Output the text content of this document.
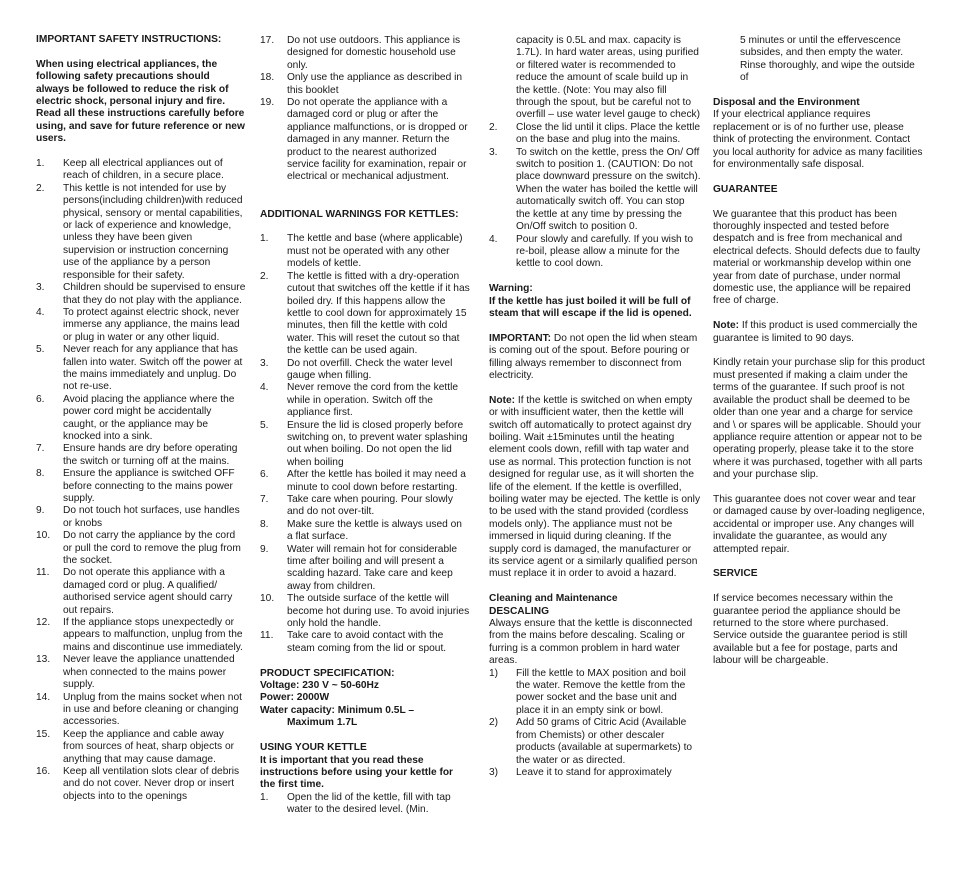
IMPORTANT SAFETY INSTRUCTIONS:

When using electrical appliances, the following safety precautions should always be followed to reduce the risk of electric shock, personal injury and fire. Read all these instructions carefully before using, and save for future reference or new users.

1. Keep all electrical appliances out of reach of children, in a secure place.
2. This kettle is not intended for use by persons(including children)with reduced physical, sensory or mental capabilities, or lack of experience and knowledge, unless they have been given supervision or instruction concerning use of the appliance by a person responsible for their safety.
3. Children should be supervised to ensure that they do not play with the appliance.
4. To protect against electric shock, never immerse any appliance, the mains lead or plug in water or any other liquid.
5. Never reach for any appliance that has fallen into water. Switch off the power at the mains immediately and unplug. Do not re-use.
6. Avoid placing the appliance where the power cord might be accidentally caught, or the appliance may be knocked into a sink.
7. Ensure hands are dry before operating the switch or turning off at the mains.
8. Ensure the appliance is switched OFF before connecting to the mains power supply.
9. Do not touch hot surfaces, use handles or knobs
10. Do not carry the appliance by the cord or pull the cord to remove the plug from the socket.
11. Do not operate this appliance with a damaged cord or plug. A qualified/ authorised service agent should carry out repairs.
12. If the appliance stops unexpectedly or appears to malfunction, unplug from the mains and discontinue use immediately.
13. Never leave the appliance unattended when connected to the mains power supply.
14. Unplug from the mains socket when not in use and before cleaning or changing accessories.
15. Keep the appliance and cable away from sources of heat, sharp objects or anything that may cause damage.
16. Keep all ventilation slots clear of debris and do not cover. Never drop or insert objects into to the openings
17. Do not use outdoors. This appliance is designed for domestic household use only.
18. Only use the appliance as described in this booklet
19. Do not operate the appliance with a damaged cord or plug or after the appliance malfunctions, or is dropped or damaged in any manner. Return the product to the nearest authorized service facility for examination, repair or electrical or mechanical adjustment.

ADDITIONAL WARNINGS FOR KETTLES:

1. The kettle and base (where applicable) must not be operated with any other models of kettle.
2. The kettle is fitted with a dry-operation cutout that switches off the kettle if it has boiled dry. If this happens allow the kettle to cool down for approximately 15 minutes, then fill the kettle with cold water. This will reset the cutout so that the kettle can be used again.
3. Do not overfill. Check the water level gauge when filling.
4. Never remove the cord from the kettle while in operation. Switch off the appliance first.
5. Ensure the lid is closed properly before switching on, to prevent water splashing out when boiling. Do not open the lid when boiling
6. After the kettle has boiled it may need a minute to cool down before restarting.
7. Take care when pouring. Pour slowly and do not over-tilt.
8. Make sure the kettle is always used on a flat surface.
9. Water will remain hot for considerable time after boiling and will present a scalding hazard. Take care and keep away from children.
10. The outside surface of the kettle will become hot during use. To avoid injuries only hold the handle.
11. Take care to avoid contact with the steam coming from the lid or spout.

PRODUCT SPECIFICATION:

Voltage: 230 V ~ 50-60Hz

Power: 2000W

Water capacity: Minimum 0.5L –

Maximum 1.7L

USING YOUR KETTLE

It is important that you read these instructions before using your kettle for the first time.

1. Open the lid of the kettle, fill with tap water to the desired level. (Min.

capacity is 0.5L and max. capacity is 1.7L). In hard water areas, using purified or filtered water is recommended to reduce the amount of scale build up in the kettle. (Note: You may also fill through the spout, but be careful not to overfill – use water level gauge to check)

2. Close the lid until it clips. Place the kettle on the base and plug into the mains.
3. To switch on the kettle, press the On/ Off switch to position 1. (CAUTION: Do not place downward pressure on the switch). When the water has boiled the kettle will automatically switch off. You can stop the kettle at any time by pressing the On/Off switch to position 0.
4. Pour slowly and carefully. If you wish to re-boil, please allow a minute for the kettle to cool down.

Warning:

If the kettle has just boiled it will be full of steam that will escape if the lid is opened.

IMPORTANT: Do not open the lid when steam is coming out of the spout. Before pouring or filling always remember to disconnect from electricity.

Note: If the kettle is switched on when empty or with insufficient water, then the kettle will switch off automatically to protect against dry boiling. Wait ±15minutes until the heating element cools down, refill with tap water and use as normal. This protection function is not designed for regular use, as it will shorten the life of the element. If the kettle is overfilled, boiling water may be ejected. The kettle is only to be used with the stand provided (cordless models only). The appliance must not be immersed in liquid during cleaning. If the supply cord is damaged, the manufacturer or its service agent or a similarly qualified person must replace it in order to avoid a hazard.

Cleaning and Maintenance

DESCALING

Always ensure that the kettle is disconnected from the mains before descaling. Scaling or furring is a common problem in hard water areas.

1) Fill the kettle to MAX position and boil the water. Remove the kettle from the power socket and the base unit and place it in an empty sink or bowl.
2) Add 50 grams of Citric Acid (Available from Chemists) or other descaler products (available at supermarkets) to the water or as directed.
3) Leave it to stand for approximately

5 minutes or until the effervescence subsides, and then empty the water. Rinse thoroughly, and wipe the outside of

Disposal and the Environment

If your electrical appliance requires replacement or is of no further use, please think of protecting the environment. Contact you local authority for advice as many facilities for environmentally safe disposal.

GUARANTEE

We guarantee that this product has been thoroughly inspected and tested before despatch and is free from mechanical and electrical defects. Should defects due to faulty material or workmanship develop within one year from date of purchase, under normal domestic use, the appliance will be repaired free of charge.

Note: If this product is used commercially the guarantee is limited to 90 days.

Kindly retain your purchase slip for this product must presented if making a claim under the terms of the guarantee. If such proof is not available the product shall be deemed to be older than one year and a charge for service and \ or spares will be applicable. Should your appliance require attention or appear not to be operating properly, please take it to the store where it was purchased, together with all parts and your purchase slip.

This guarantee does not cover wear and tear or damaged cause by over-loading negligence, accidental or improper use. Any changes will invalidate the guarantee, as would any attempted repair.

SERVICE

If service becomes necessary within the guarantee period the appliance should be returned to the store where purchased. Service outside the guarantee period is still available but a fee for postage, parts and labour will be chargeable.
